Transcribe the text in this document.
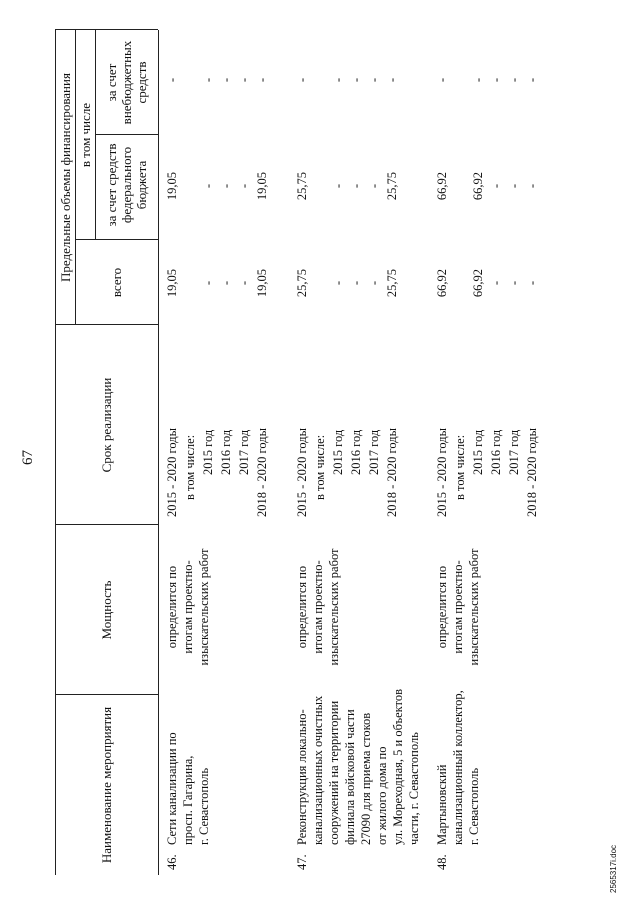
67
Наименование мероприятия
Срок реализации
Предельные объемы финансирования
всего
в том числе
за счет средств федерального бюджета
за счет внебюджетных средств
Мощность
46.
Сети канализации по просп. Гагарина, г. Севастополь
определится по итогам проектно- изыскательских работ
2015 - 2020 годы
19,05
19,05
-
в том числе: 2015 год
-
-
-
2016 год
-
-
-
2017 год
-
-
-
2018 - 2020 годы
19,05
19,05
-
47.
Реконструкция локально- канализационных очистных сооружений на территории филиала войсковой части 27090 для приема стоков от жилого дома по ул. Мореходная, 5 и объектов части, г. Севастополь
определится по итогам проектно- изыскательских работ
2015 - 2020 годы
25,75
25,75
-
в том числе: 2015 год
-
-
-
2016 год
-
-
-
2017 год
-
-
-
2018 - 2020 годы
25,75
25,75
-
48.
Мартыновский канализационный коллектор, г. Севастополь
определится по итогам проектно- изыскательских работ
2015 - 2020 годы
66,92
66,92
-
в том числе: 2015 год
66,92
66,92
-
2016 год
-
-
-
2017 год
-
-
-
2018 - 2020 годы
-
-
-
2565317i.doc
